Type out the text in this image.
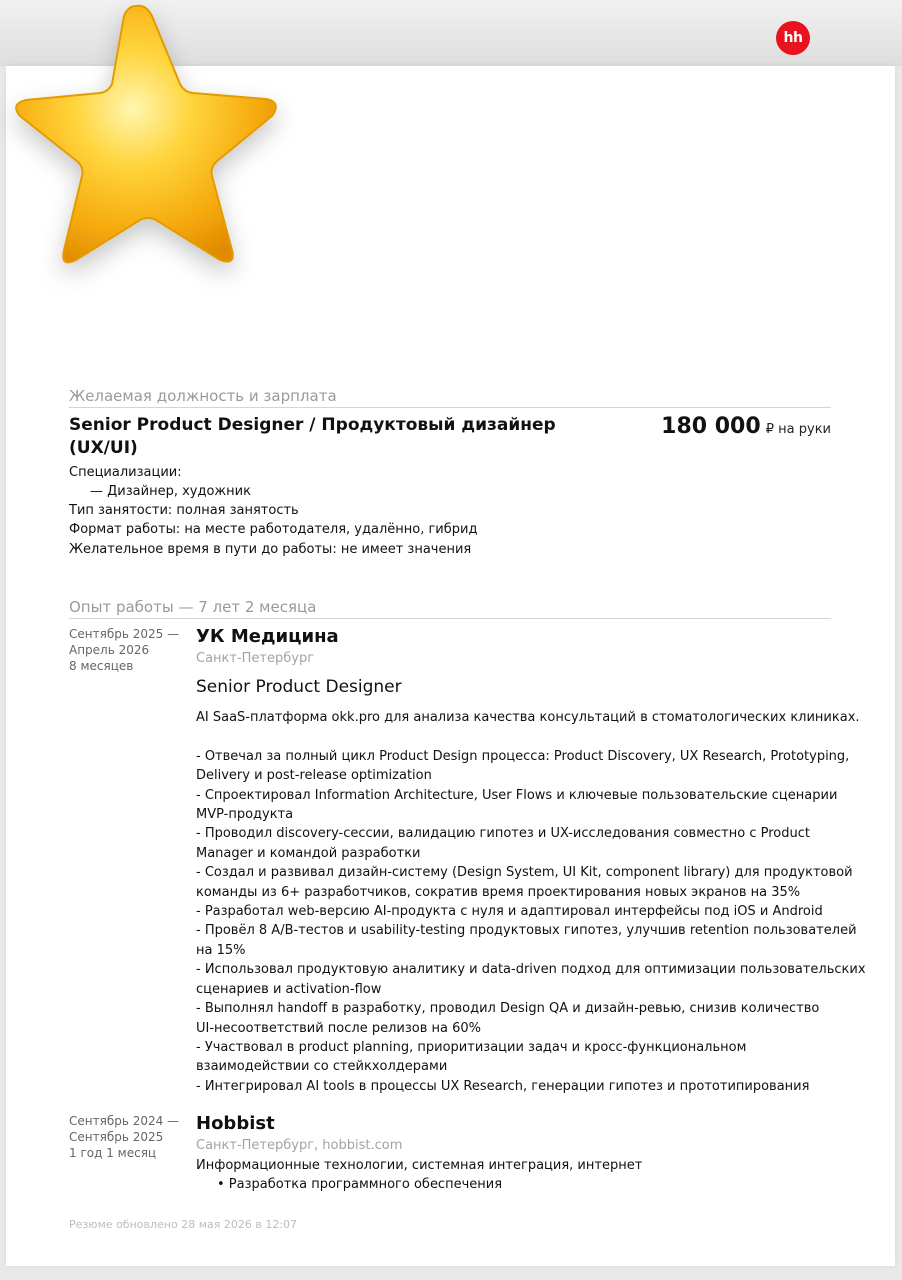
hh
Желаемая должность и зарплата
Senior Product Designer / Продуктовый дизайнер (UX/UI)
180 000 ₽ на руки
Специализации:
— Дизайнер, художник
Тип занятости: полная занятость
Формат работы: на месте работодателя, удалённо, гибрид
Желательное время в пути до работы: не имеет значения
Опыт работы — 7 лет 2 месяца
Сентябрь 2025 —
Апрель 2026
8 месяцев
УК Медицина
Санкт-Петербург
Senior Product Designer

AI SaaS-платформа okk.pro для анализа качества консультаций в стоматологических клиниках.

- Отвечал за полный цикл Product Design процесса: Product Discovery, UX Research, Prototyping,

Delivery и post-release optimization

- Спроектировал Information Architecture, User Flows и ключевые пользовательские сценарии

MVP-продукта

- Проводил discovery-сессии, валидацию гипотез и UX-исследования совместно с Product

Manager и командой разработки

- Создал и развивал дизайн-систему (Design System, UI Kit, component library) для продуктовой

команды из 6+ разработчиков, сократив время проектирования новых экранов на 35%

- Разработал web-версию AI-продукта с нуля и адаптировал интерфейсы под iOS и Android

- Провёл 8 A/B-тестов и usability-testing продуктовых гипотез, улучшив retention пользователей

на 15%

- Использовал продуктовую аналитику и data-driven подход для оптимизации пользовательских

сценариев и activation-flow

- Выполнял handoff в разработку, проводил Design QA и дизайн-ревью, снизив количество

UI-несоответствий после релизов на 60%

- Участвовал в product planning, приоритизации задач и кросс-функциональном

взаимодействии со стейкхолдерами

- Интегрировал AI tools в процессы UX Research, генерации гипотез и прототипирования

Сентябрь 2024 —
Сентябрь 2025
1 год 1 месяц
Hobbist
Санкт-Петербург, hobbist.com
Информационные технологии, системная интеграция, интернет
• Разработка программного обеспечения
Резюме обновлено 28 мая 2026 в 12:07
